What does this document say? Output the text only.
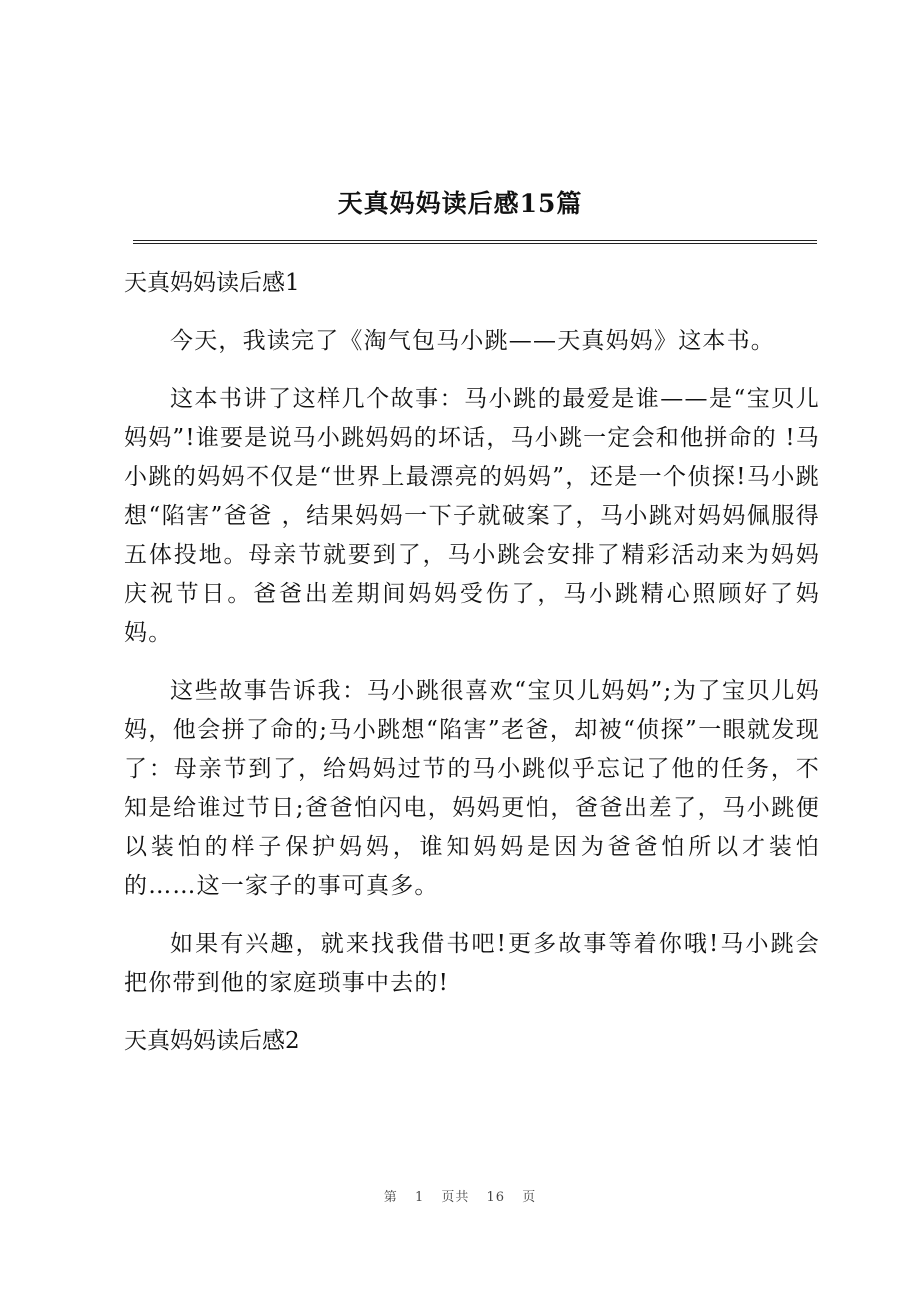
天真妈妈读后感15篇
天真妈妈读后感1

今天，我读完了《淘气包马小跳——天真妈妈》这本书。

这本书讲了这样几个故事：马小跳的最爱是谁——是“宝贝儿妈妈”!谁要是说马小跳妈妈的坏话，马小跳一定会和他拼命的 !马小跳的妈妈不仅是“世界上最漂亮的妈妈”，还是一个侦探!马小跳想“陷害”爸爸 ，结果妈妈一下子就破案了，马小跳对妈妈佩服得五体投地。母亲节就要到了，马小跳会安排了精彩活动来为妈妈庆祝节日。爸爸出差期间妈妈受伤了，马小跳精心照顾好了妈妈。

这些故事告诉我：马小跳很喜欢“宝贝儿妈妈”;为了宝贝儿妈妈，他会拼了命的;马小跳想“陷害”老爸，却被“侦探”一眼就发现了：母亲节到了，给妈妈过节的马小跳似乎忘记了他的任务，不知是给谁过节日;爸爸怕闪电，妈妈更怕，爸爸出差了，马小跳便以装怕的样子保护妈妈，谁知妈妈是因为爸爸怕所以才装怕的……这一家子的事可真多。

如果有兴趣，就来找我借书吧!更多故事等着你哦!马小跳会把你带到他的家庭琐事中去的!

天真妈妈读后感2
第 1 页共 16 页
